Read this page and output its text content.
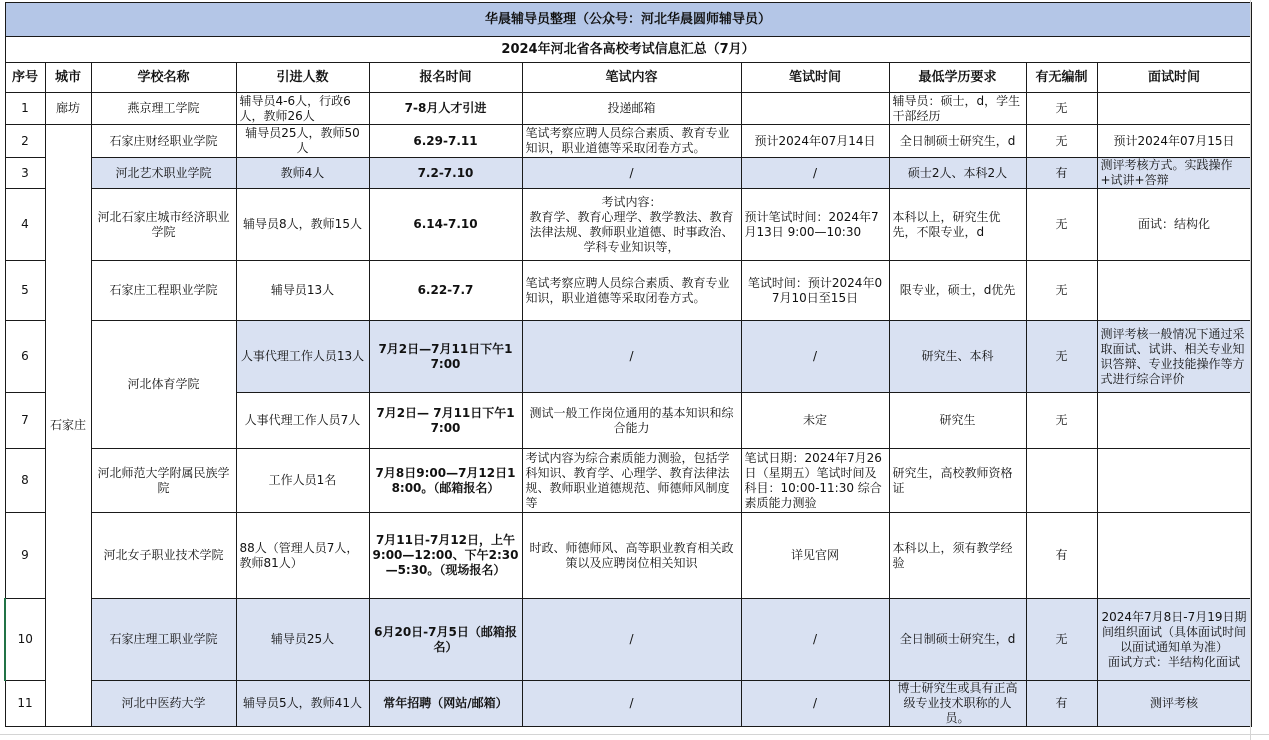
华晨辅导员整理（公众号：河北华晨圆师辅导员）									
2024年河北省各高校考试信息汇总（7月）									
序号	城市	学校名称	引进人数	报名时间	笔试内容	笔试时间	最低学历要求	有无编制	面试时间
1	廊坊	燕京理工学院	辅导员4-6人，行政6人，教师26人	7-8月人才引进	投递邮箱		辅导员：硕士，d，学生干部经历	无	
2	石家庄	石家庄财经职业学院	辅导员25人，教师50人	6.29-7.11	笔试考察应聘人员综合素质、教育专业知识，职业道德等采取闭卷方式。	预计2024年07月14日	全日制硕士研究生，d	无	预计2024年07月15日
3		河北艺术职业学院	教师4人	7.2-7.10	/	/	硕士2人、本科2人	有	测评考核方式。实践操作+试讲+答辩
4		河北石家庄城市经济职业学院	辅导员8人，教师15人	6.14-7.10	考试内容：
教育学、教育心理学、教学教法、教育法律法规、教师职业道德、时事政治、学科专业知识等，	预计笔试时间：2024年7月13日 9:00—10:30	本科以上，研究生优先，不限专业，d	无	面试：结构化
5		石家庄工程职业学院	辅导员13人	6.22-7.7	笔试考察应聘人员综合素质、教育专业知识，职业道德等采取闭卷方式。	笔试时间：预计2024年07月10日至15日	限专业，硕士，d优先	无	
6		河北体育学院	人事代理工作人员13人	7月2日—7月11日下午17:00	/	/	研究生、本科	无	测评考核一般情况下通过采取面试、试讲、相关专业知识答辩、专业技能操作等方式进行综合评价
7			人事代理工作人员7人	7月2日— 7月11日下午17:00	测试一般工作岗位通用的基本知识和综合能力	未定	研究生	无	
8		河北师范大学附属民族学院	工作人员1名	7月8日9:00—7月12日18:00。（邮箱报名）	考试内容为综合素质能力测验，包括学科知识、教育学、心理学、教育法律法规、教师职业道德规范、师德师风制度等	笔试日期：2024年7月26日（星期五）笔试时间及科目：10:00-11:30 综合素质能力测验	研究生，高校教师资格证		
9		河北女子职业技术学院	88人（管理人员7人，教师81人）	7月11日-7月12日，上午9:00—12:00、下午2:30—5:30。（现场报名）	时政、师德师风、高等职业教育相关政策以及应聘岗位相关知识	详见官网	本科以上，须有教学经验	有	
10		石家庄理工职业学院	辅导员25人	6月20日-7月5日（邮箱报名）	/	/	全日制硕士研究生，d	无	2024年7月8日-7月19日期间组织面试（具体面试时间以面试通知单为准）
面试方式：半结构化面试
11		河北中医药大学	辅导员5人，教师41人	常年招聘（网站/邮箱）	/	/	博士研究生或具有正高级专业技术职称的人员。	有	测评考核
